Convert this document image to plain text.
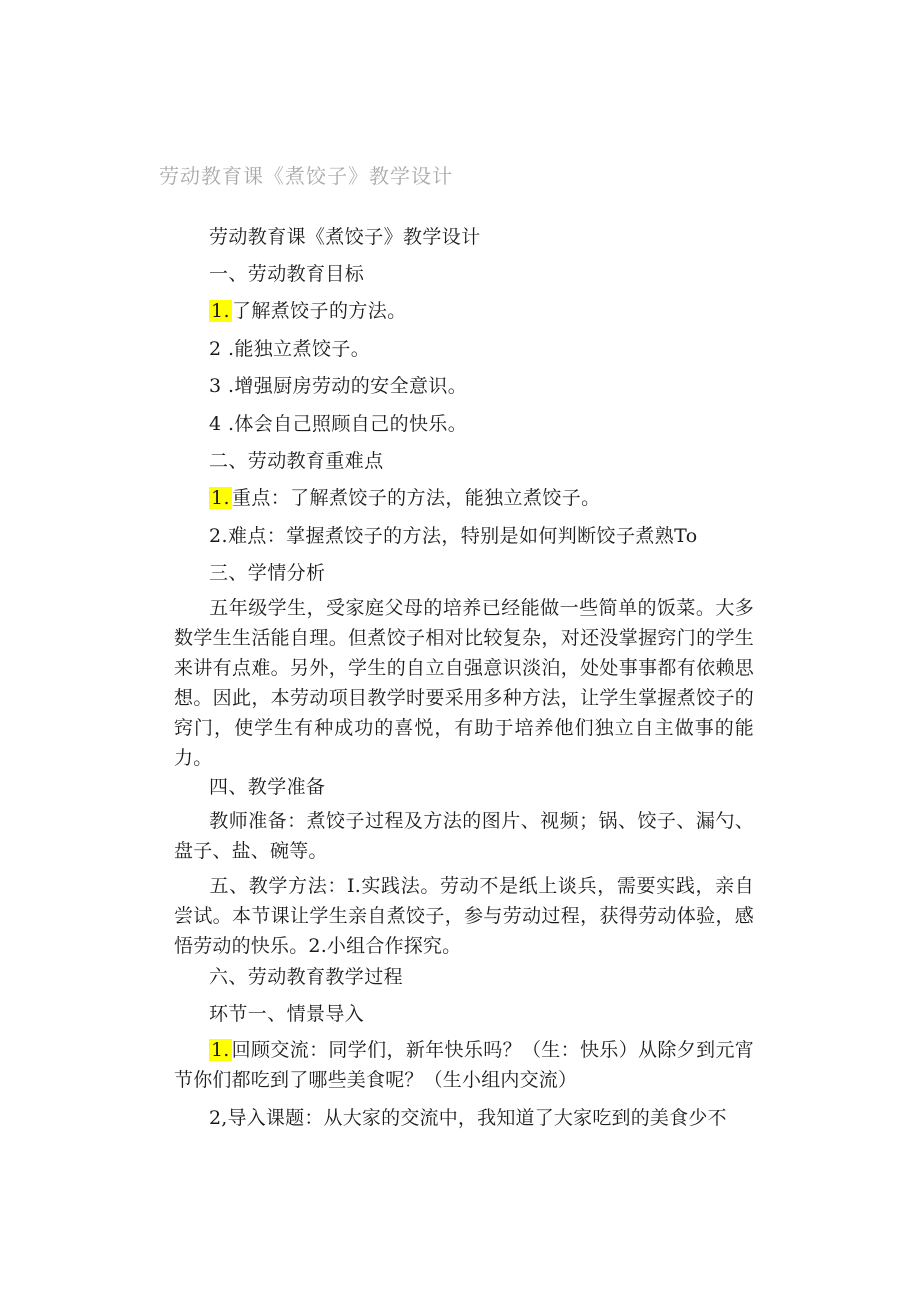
劳动教育课《煮饺子》教学设计
劳动教育课《煮饺子》教学设计
一、劳动教育目标
1. 了解煮饺子的方法。
2 .能独立煮饺子。
3 .增强厨房劳动的安全意识。
4 .体会自己照顾自己的快乐。
二、劳动教育重难点
1. 重点：了解煮饺子的方法，能独立煮饺子。
2.难点：掌握煮饺子的方法，特别是如何判断饺子煮熟To
三、学情分析
五年级学生，受家庭父母的培养已经能做一些简单的饭菜。大多数学生生活能自理。但煮饺子相对比较复杂，对还没掌握窍门的学生来讲有点难。另外，学生的自立自强意识淡泊，处处事事都有依赖思想。因此，本劳动项目教学时要采用多种方法，让学生掌握煮饺子的窍门，使学生有种成功的喜悦，有助于培养他们独立自主做事的能力。
四、教学准备
教师准备：煮饺子过程及方法的图片、视频；锅、饺子、漏勺、盘子、盐、碗等。
五、教学方法：I.实践法。劳动不是纸上谈兵，需要实践，亲自尝试。本节课让学生亲自煮饺子，参与劳动过程，获得劳动体验，感悟劳动的快乐。2.小组合作探究。
六、劳动教育教学过程
环节一、情景导入
1. 回顾交流：同学们，新年快乐吗？（生：快乐）从除夕到元宵节你们都吃到了哪些美食呢？（生小组内交流）
2,导入课题：从大家的交流中，我知道了大家吃到的美食少不
